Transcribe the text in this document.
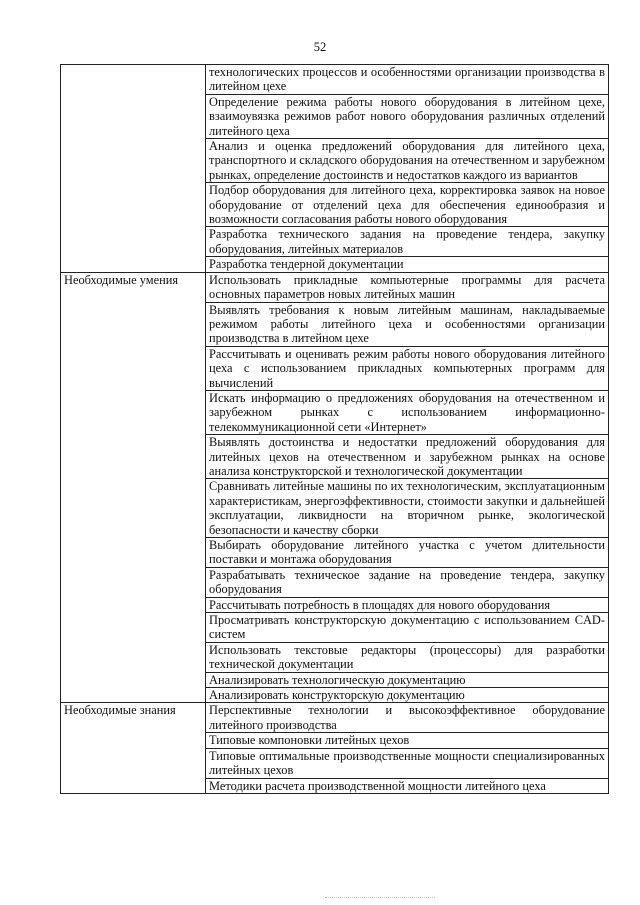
52
	технологических процессов и особенностями организации производства в литейном цехе
	Определение режима работы нового оборудования в литейном цехе, взаимоувязка режимов работ нового оборудования различных отделений литейного цеха
	Анализ и оценка предложений оборудования для литейного цеха, транспортного и складского оборудования на отечественном и зарубежном рынках, определение достоинств и недостатков каждого из вариантов
	Подбор оборудования для литейного цеха, корректировка заявок на новое оборудование от отделений цеха для обеспечения единообразия и возможности согласования работы нового оборудования
	Разработка технического задания на проведение тендера, закупку оборудования, литейных материалов
	Разработка тендерной документации
Необходимые умения	Использовать прикладные компьютерные программы для расчета основных параметров новых литейных машин
	Выявлять требования к новым литейным машинам, накладываемые режимом работы литейного цеха и особенностями организации производства в литейном цехе
	Рассчитывать и оценивать режим работы нового оборудования литейного цеха с использованием прикладных компьютерных программ для вычислений
	Искать информацию о предложениях оборудования на отечественном и зарубежном рынках с использованием информационно-телекоммуникационной сети «Интернет»
	Выявлять достоинства и недостатки предложений оборудования для литейных цехов на отечественном и зарубежном рынках на основе анализа конструкторской и технологической документации
	Сравнивать литейные машины по их технологическим, эксплуатационным характеристикам, энергоэффективности, стоимости закупки и дальнейшей эксплуатации, ликвидности на вторичном рынке, экологической безопасности и качеству сборки
	Выбирать оборудование литейного участка с учетом длительности поставки и монтажа оборудования
	Разрабатывать техническое задание на проведение тендера, закупку оборудования
	Рассчитывать потребность в площадях для нового оборудования
	Просматривать конструкторскую документацию с использованием CAD-систем
	Использовать текстовые редакторы (процессоры) для разработки технической документации
	Анализировать технологическую документацию
	Анализировать конструкторскую документацию
Необходимые знания	Перспективные технологии и высокоэффективное оборудование литейного производства
	Типовые компоновки литейных цехов
	Типовые оптимальные производственные мощности специализированных литейных цехов
	Методики расчета производственной мощности литейного цеха
